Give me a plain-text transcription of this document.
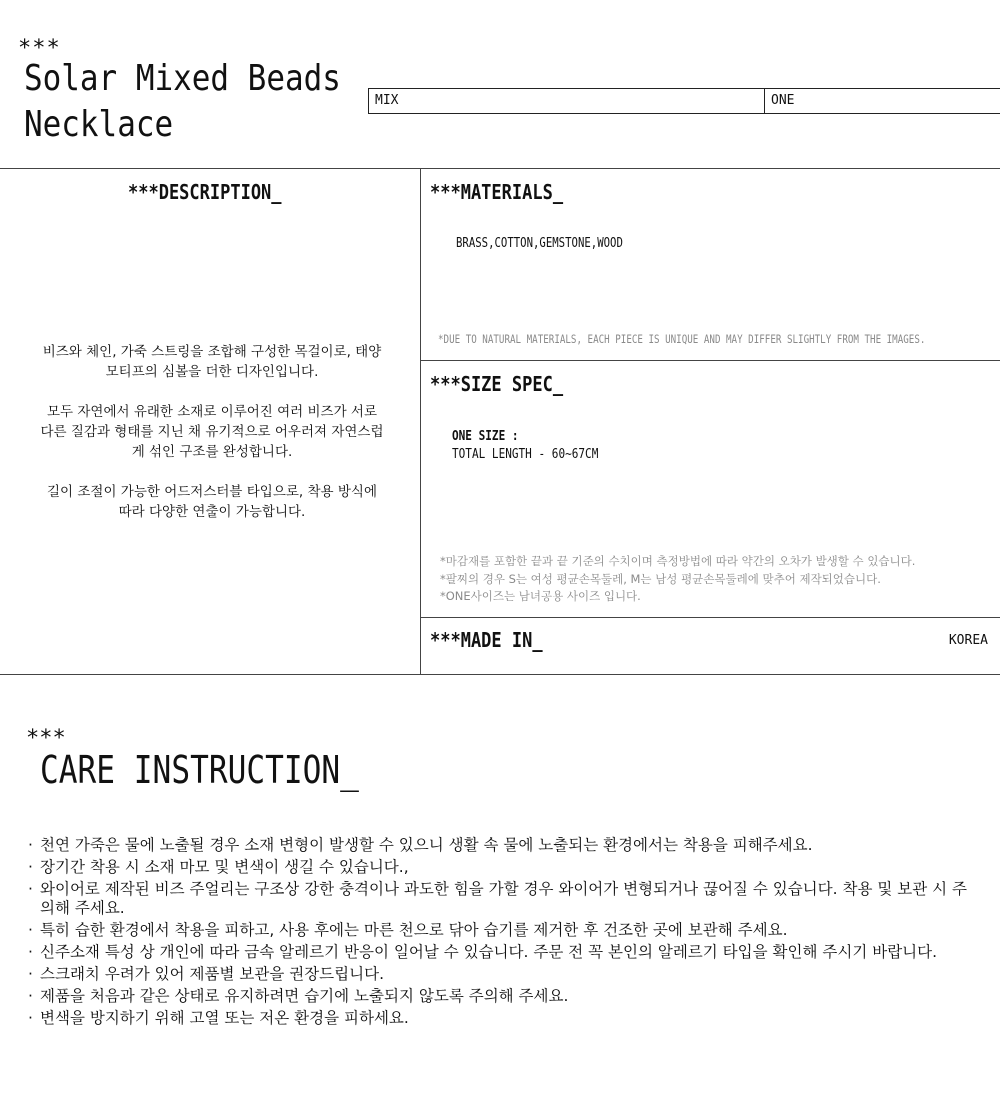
***
Solar Mixed Beads
Necklace
MIX	ONE
***DESCRIPTION_

비즈와 체인, 가죽 스트링을 조합해 구성한 목걸이로, 태양 모티프의 심볼을 더한 디자인입니다.

모두 자연에서 유래한 소재로 이루어진 여러 비즈가 서로 다른 질감과 형태를 지닌 채 유기적으로 어우러져 자연스럽게 섞인 구조를 완성합니다.

길이 조절이 가능한 어드저스터블 타입으로, 착용 방식에 따라 다양한 연출이 가능합니다.

***MATERIALS_
BRASS,COTTON,GEMSTONE,WOOD
*DUE TO NATURAL MATERIALS, EACH PIECE IS UNIQUE AND MAY DIFFER SLIGHTLY FROM THE IMAGES.
***SIZE SPEC_
ONE SIZE :
TOTAL LENGTH - 60~67CM
*마감재를 포함한 끝과 끝 기준의 수치이며 측정방법에 따라 약간의 오차가 발생할 수 있습니다.
*팔찌의 경우 S는 여성 평균손목둘레, M는 남성 평균손목둘레에 맞추어 제작되었습니다.
*ONE사이즈는 남녀공용 사이즈 입니다.
***MADE IN_	KOREA
***
CARE INSTRUCTION_
· 천연 가죽은 물에 노출될 경우 소재 변형이 발생할 수 있으니 생활 속 물에 노출되는 환경에서는 착용을 피해주세요.
· 장기간 착용 시 소재 마모 및 변색이 생길 수 있습니다.,
· 와이어로 제작된 비즈 주얼리는 구조상 강한 충격이나 과도한 힘을 가할 경우 와이어가 변형되거나 끊어질 수 있습니다. 착용 및 보관 시 주의해 주세요.
· 특히 습한 환경에서 착용을 피하고, 사용 후에는 마른 천으로 닦아 습기를 제거한 후 건조한 곳에 보관해 주세요.
· 신주소재 특성 상 개인에 따라 금속 알레르기 반응이 일어날 수 있습니다. 주문 전 꼭 본인의 알레르기 타입을 확인해 주시기 바랍니다.
· 스크래치 우려가 있어 제품별 보관을 권장드립니다.
· 제품을 처음과 같은 상태로 유지하려면 습기에 노출되지 않도록 주의해 주세요.
· 변색을 방지하기 위해 고열 또는 저온 환경을 피하세요.
